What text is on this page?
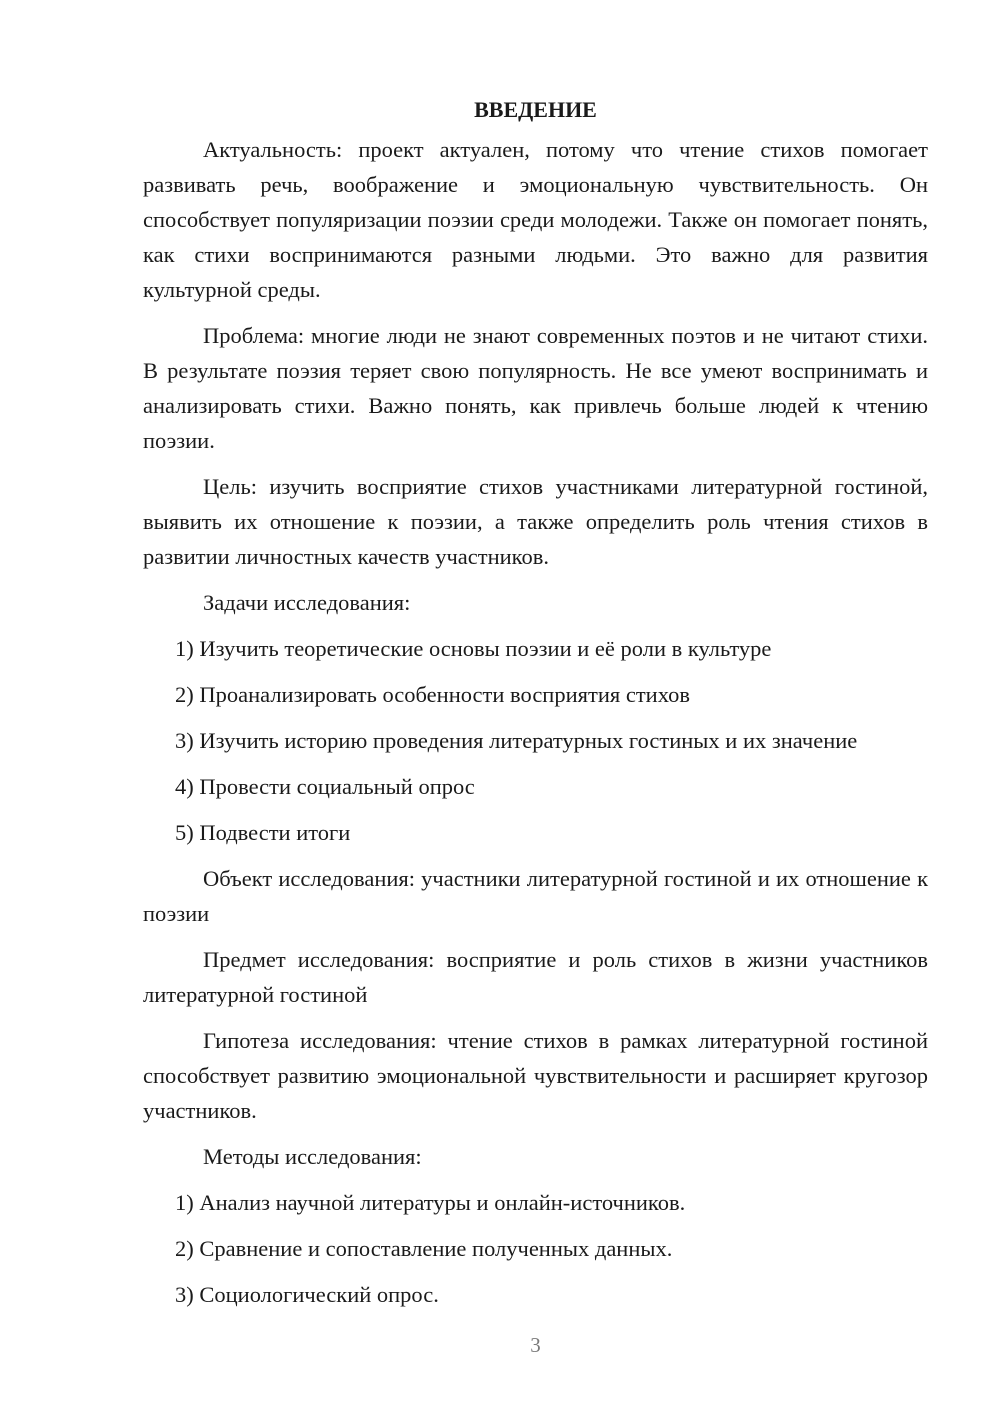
ВВЕДЕНИЕ

Актуальность: проект актуален, потому что чтение стихов помогает развивать речь, воображение и эмоциональную чувствительность. Он способствует популяризации поэзии среди молодежи. Также он помогает понять, как стихи воспринимаются разными людьми. Это важно для развития культурной среды.

Проблема: многие люди не знают современных поэтов и не читают стихи. В результате поэзия теряет свою популярность. Не все умеют воспринимать и анализировать стихи. Важно понять, как привлечь больше людей к чтению поэзии.

Цель: изучить восприятие стихов участниками литературной гостиной, выявить их отношение к поэзии, а также определить роль чтения стихов в развитии личностных качеств участников.

Задачи исследования:
1) Изучить теоретические основы поэзии и её роли в культуре
2) Проанализировать особенности восприятия стихов
3) Изучить историю проведения литературных гостиных и их значение
4) Провести социальный опрос
5) Подвести итоги

Объект исследования: участники литературной гостиной и их отношение к поэзии

Предмет исследования: восприятие и роль стихов в жизни участников литературной гостиной

Гипотеза исследования: чтение стихов в рамках литературной гостиной способствует развитию эмоциональной чувствительности и расширяет кругозор участников.

Методы исследования:
1) Анализ научной литературы и онлайн-источников.
2) Сравнение и сопоставление полученных данных.
3) Социологический опрос.
3
